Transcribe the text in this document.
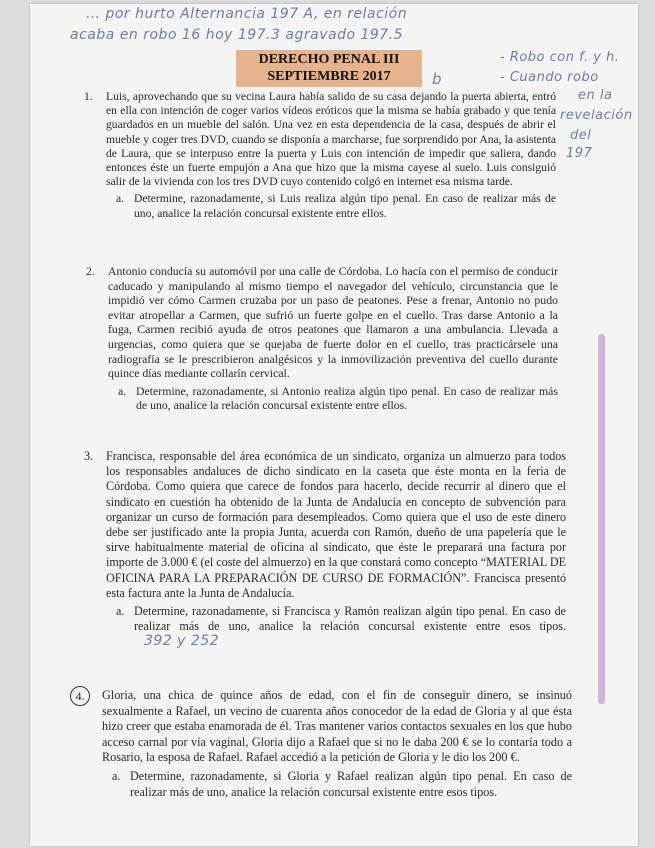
… por hurto Alternancia 197 A, en relación
acaba en robo 16 hoy 197.3 agravado 197.5
- Robo con f. y h.
- Cuando robo
en la
revelación
del
197
b
DERECHO PENAL III
SEPTIEMBRE 2017
1. Luis, aprovechando que su vecina Laura había salido de su casa dejando la puerta abierta, entró en ella con intención de coger varios vídeos eróticos que la misma se había grabado y que tenía guardados en un mueble del salón. Una vez en esta dependencia de la casa, después de abrir el mueble y coger tres DVD, cuando se disponía a marcharse, fue sorprendido por Ana, la asistenta de Laura, que se interpuso entre la puerta y Luis con intención de impedir que saliera, dando entonces éste un fuerte empujón a Ana que hizo que la misma cayese al suelo. Luis consiguió salir de la vivienda con los tres DVD cuyo contenido colgó en internet esa misma tarde.
a. Determine, razonadamente, si Luis realiza algún tipo penal. En caso de realizar más de uno, analice la relación concursal existente entre ellos.
2. Antonio conducía su automóvil por una calle de Córdoba. Lo hacía con el permiso de conducir caducado y manipulando al mismo tiempo el navegador del vehículo, circunstancia que le impidió ver cómo Carmen cruzaba por un paso de peatones. Pese a frenar, Antonio no pudo evitar atropellar a Carmen, que sufrió un fuerte golpe en el cuello. Tras darse Antonio a la fuga, Carmen recibió ayuda de otros peatones que llamaron a una ambulancia. Llevada a urgencias, como quiera que se quejaba de fuerte dolor en el cuello, tras practicársele una radiografía se le prescribieron analgésicos y la inmovilización preventiva del cuello durante quince días mediante collarín cervical.
a. Determine, razonadamente, si Antonio realiza algún tipo penal. En caso de realizar más de uno, analice la relación concursal existente entre ellos.
3. Francisca, responsable del área económica de un sindicato, organiza un almuerzo para todos los responsables andaluces de dicho sindicato en la caseta que éste monta en la feria de Córdoba. Como quiera que carece de fondos para hacerlo, decide recurrir al dinero que el sindicato en cuestión ha obtenido de la Junta de Andalucía en concepto de subvención para organizar un curso de formación para desempleados. Como quiera que el uso de este dinero debe ser justificado ante la propia Junta, acuerda con Ramón, dueño de una papelería que le sirve habitualmente material de oficina al sindicato, que éste le preparará una factura por importe de 3.000 € (el coste del almuerzo) en la que constará como concepto “MATERIAL DE OFICINA PARA LA PREPARACIÓN DE CURSO DE FORMACIÓN”. Francisca presentó esta factura ante la Junta de Andalucía.
a. Determine, razonadamente, si Francisca y Ramón realizan algún tipo penal. En caso de realizar más de uno, analice la relación concursal existente entre esos tipos. 392 y 252
4.	Gloria, una chica de quince años de edad, con el fin de conseguir dinero, se insinuó sexualmente a Rafael, un vecino de cuarenta años conocedor de la edad de Gloria y al que ésta hizo creer que estaba enamorada de él. Tras mantener varios contactos sexuales en los que hubo acceso carnal por vía vaginal, Gloria dijo a Rafael que si no le daba 200 € se lo contaría todo a Rosario, la esposa de Rafael. Rafael accedió a la petición de Gloria y le dio los 200 €.
a. Determine, razonadamente, si Gloria y Rafael realizan algún tipo penal. En caso de realizar más de uno, analice la relación concursal existente entre esos tipos.
